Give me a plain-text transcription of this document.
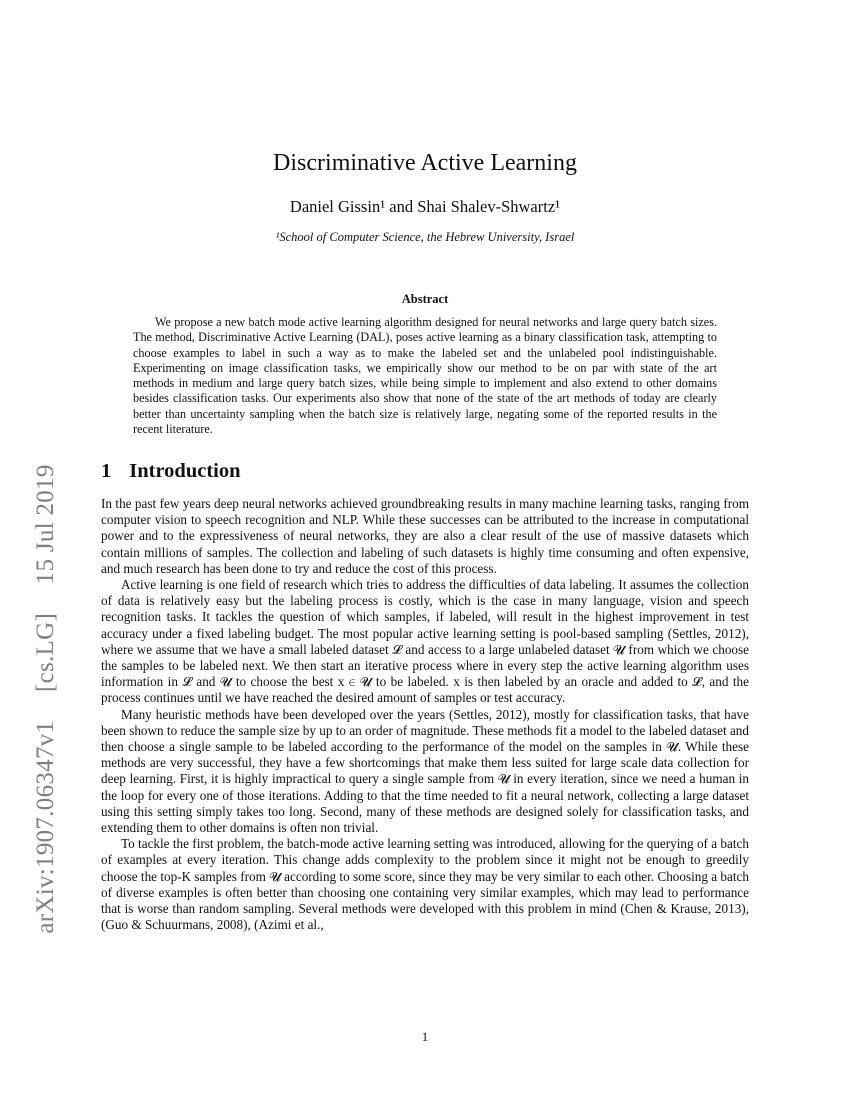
arXiv:1907.06347v1 [cs.LG] 15 Jul 2019
Discriminative Active Learning
Daniel Gissin¹ and Shai Shalev-Shwartz¹
¹School of Computer Science, the Hebrew University, Israel
Abstract
We propose a new batch mode active learning algorithm designed for neural networks and large query batch sizes. The method, Discriminative Active Learning (DAL), poses active learning as a binary classification task, attempting to choose examples to label in such a way as to make the labeled set and the unlabeled pool indistinguishable. Experimenting on image classification tasks, we empirically show our method to be on par with state of the art methods in medium and large query batch sizes, while being simple to implement and also extend to other domains besides classification tasks. Our experiments also show that none of the state of the art methods of today are clearly better than uncertainty sampling when the batch size is relatively large, negating some of the reported results in the recent literature.
1 Introduction

In the past few years deep neural networks achieved groundbreaking results in many machine learning tasks, ranging from computer vision to speech recognition and NLP. While these successes can be attributed to the increase in computational power and to the expressiveness of neural networks, they are also a clear result of the use of massive datasets which contain millions of samples. The collection and labeling of such datasets is highly time consuming and often expensive, and much research has been done to try and reduce the cost of this process.

Active learning is one field of research which tries to address the difficulties of data labeling. It assumes the collection of data is relatively easy but the labeling process is costly, which is the case in many language, vision and speech recognition tasks. It tackles the question of which samples, if labeled, will result in the highest improvement in test accuracy under a fixed labeling budget. The most popular active learning setting is pool-based sampling (Settles, 2012), where we assume that we have a small labeled dataset 𝓛 and access to a large unlabeled dataset 𝓤 from which we choose the samples to be labeled next. We then start an iterative process where in every step the active learning algorithm uses information in 𝓛 and 𝓤 to choose the best x ∈ 𝓤 to be labeled. x is then labeled by an oracle and added to 𝓛, and the process continues until we have reached the desired amount of samples or test accuracy.

Many heuristic methods have been developed over the years (Settles, 2012), mostly for classification tasks, that have been shown to reduce the sample size by up to an order of magnitude. These methods fit a model to the labeled dataset and then choose a single sample to be labeled according to the performance of the model on the samples in 𝓤. While these methods are very successful, they have a few shortcomings that make them less suited for large scale data collection for deep learning. First, it is highly impractical to query a single sample from 𝓤 in every iteration, since we need a human in the loop for every one of those iterations. Adding to that the time needed to fit a neural network, collecting a large dataset using this setting simply takes too long. Second, many of these methods are designed solely for classification tasks, and extending them to other domains is often non trivial.

To tackle the first problem, the batch-mode active learning setting was introduced, allowing for the querying of a batch of examples at every iteration. This change adds complexity to the problem since it might not be enough to greedily choose the top-K samples from 𝓤 according to some score, since they may be very similar to each other. Choosing a batch of diverse examples is often better than choosing one containing very similar examples, which may lead to performance that is worse than random sampling. Several methods were developed with this problem in mind (Chen & Krause, 2013), (Guo & Schuurmans, 2008), (Azimi et al.,

1
